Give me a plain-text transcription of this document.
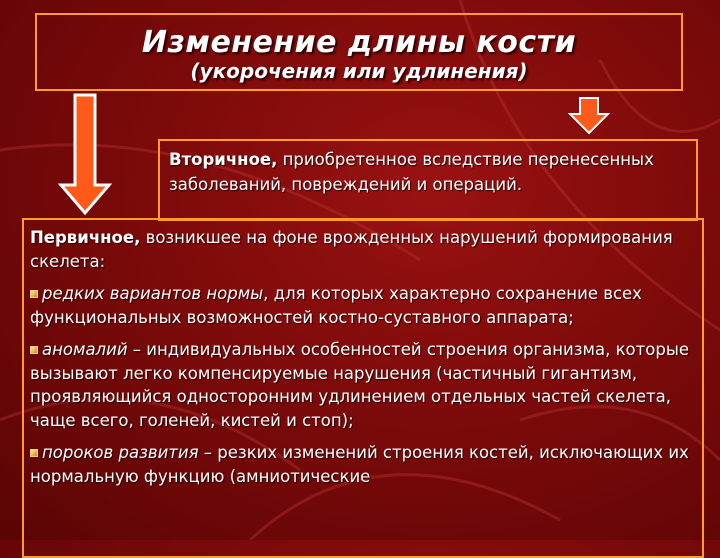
Изменение длины кости
(укорочения или удлинения)
Вторичное, приобретенное вследствие перенесенных заболеваний, повреждений и операций.
Первичное, возникшее на фоне врожденных нарушений формирования скелета:
редких вариантов нормы, для которых характерно сохранение всех функциональных возможностей костно-суставного аппарата;
аномалий – индивидуальных особенностей строения организма, которые вызывают легко компенсируемые нарушения (частичный гигантизм, проявляющийся односторонним удлинением отдельных частей скелета, чаще всего, голеней, кистей и стоп);
пороков развития – резких изменений строения костей, исключающих их нормальную функцию (амниотические
